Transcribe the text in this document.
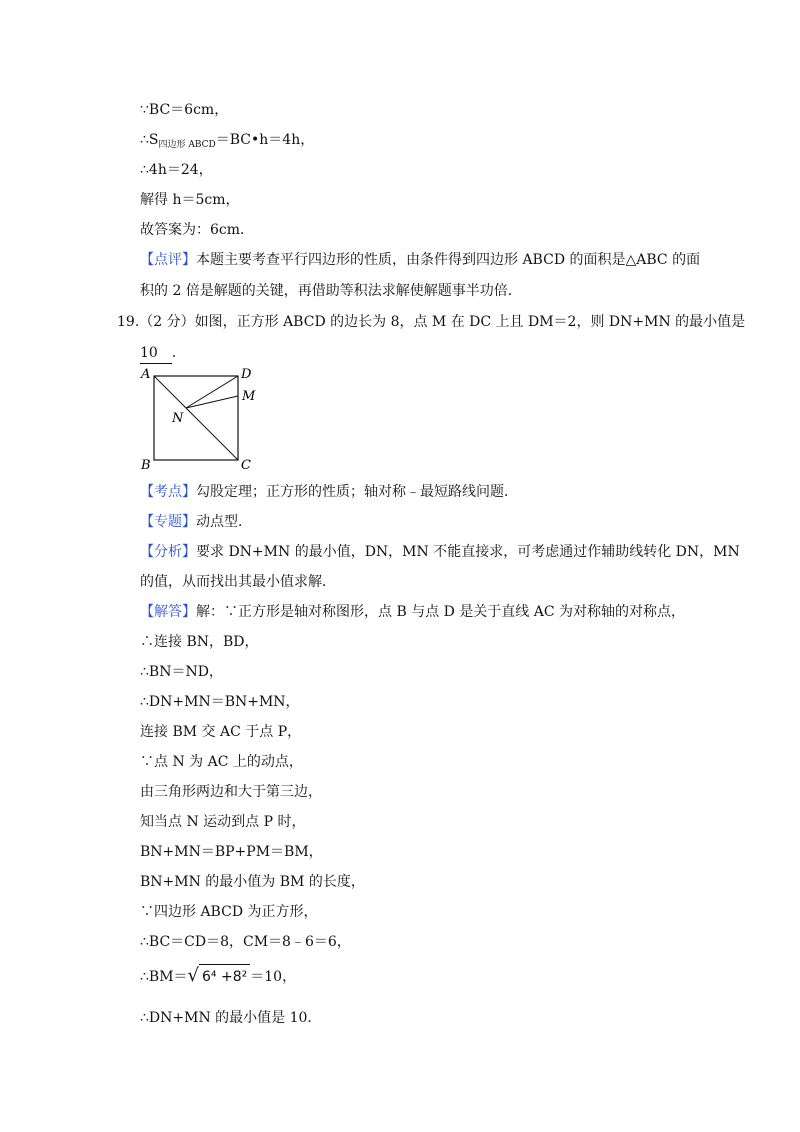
∵BC＝6cm，
$\therefore S_{四边形 ABCD}=BC•h=4h$，
∴4h＝24，
解得 h＝5cm，
故答案为：6cm．
【点评】本题主要考查平行四边形的性质，由条件得到四边形 ABCD 的面积是△ABC 的面
积的 2 倍是解题的关键，再借助等积法求解使解题事半功倍．
19.（2 分）如图，正方形 ABCD 的边长为 8，点 M 在 DC 上且 DM＝2，则 DN+MN 的最小值是
10 ．
A	D
M
N
B	C
【考点】勾股定理；正方形的性质；轴对称﹣最短路线问题．
【专题】动点型．
【分析】要求 DN+MN 的最小值，DN，MN 不能直接求，可考虑通过作辅助线转化 DN，MN
的值，从而找出其最小值求解．
【解答】解：∵正方形是轴对称图形，点 B 与点 D 是关于直线 AC 为对称轴的对称点，
∴连接 BN，BD，
∴BN＝ND，
∴DN+MN＝BN+MN，
连接 BM 交 AC 于点 P，
∵点 N 为 AC 上的动点，
由三角形两边和大于第三边，
知当点 N 运动到点 P 时，
BN+MN＝BP+PM＝BM，
BN+MN 的最小值为 BM 的长度，
∵四边形 ABCD 为正方形，
∴BC＝CD＝8，CM＝8﹣6＝6，
∴BM＝√ 6⁴ +8² ＝10，
∴DN+MN 的最小值是 10．
